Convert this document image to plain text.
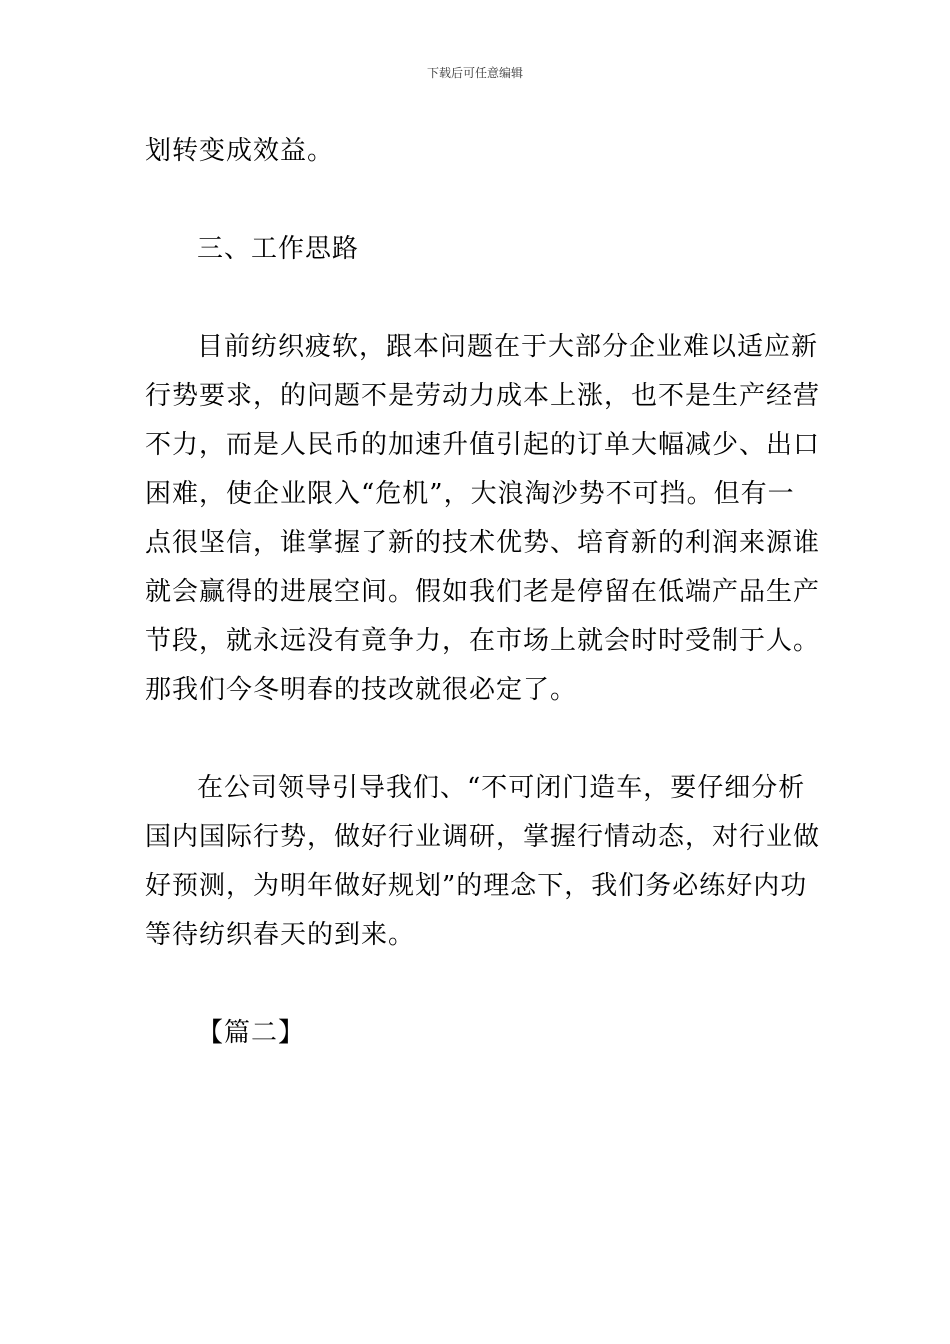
下载后可任意编辑
划转变成效益。
三、工作思路
目前纺织疲软，跟本问题在于大部分企业难以适应新
行势要求，的问题不是劳动力成本上涨，也不是生产经营
不力，而是人民币的加速升值引起的订单大幅减少、出口
困难，使企业限入“危机”，大浪淘沙势不可挡。但有一
点很坚信，谁掌握了新的技术优势、培育新的利润来源谁
就会赢得的进展空间。假如我们老是停留在低端产品生产
节段，就永远没有竟争力，在市场上就会时时受制于人。
那我们今冬明春的技改就很必定了。
在公司领导引导我们、“不可闭门造车，要仔细分析
国内国际行势，做好行业调研，掌握行情动态，对行业做
好预测，为明年做好规划”的理念下，我们务必练好内功
等待纺织春天的到来。
【篇二】
